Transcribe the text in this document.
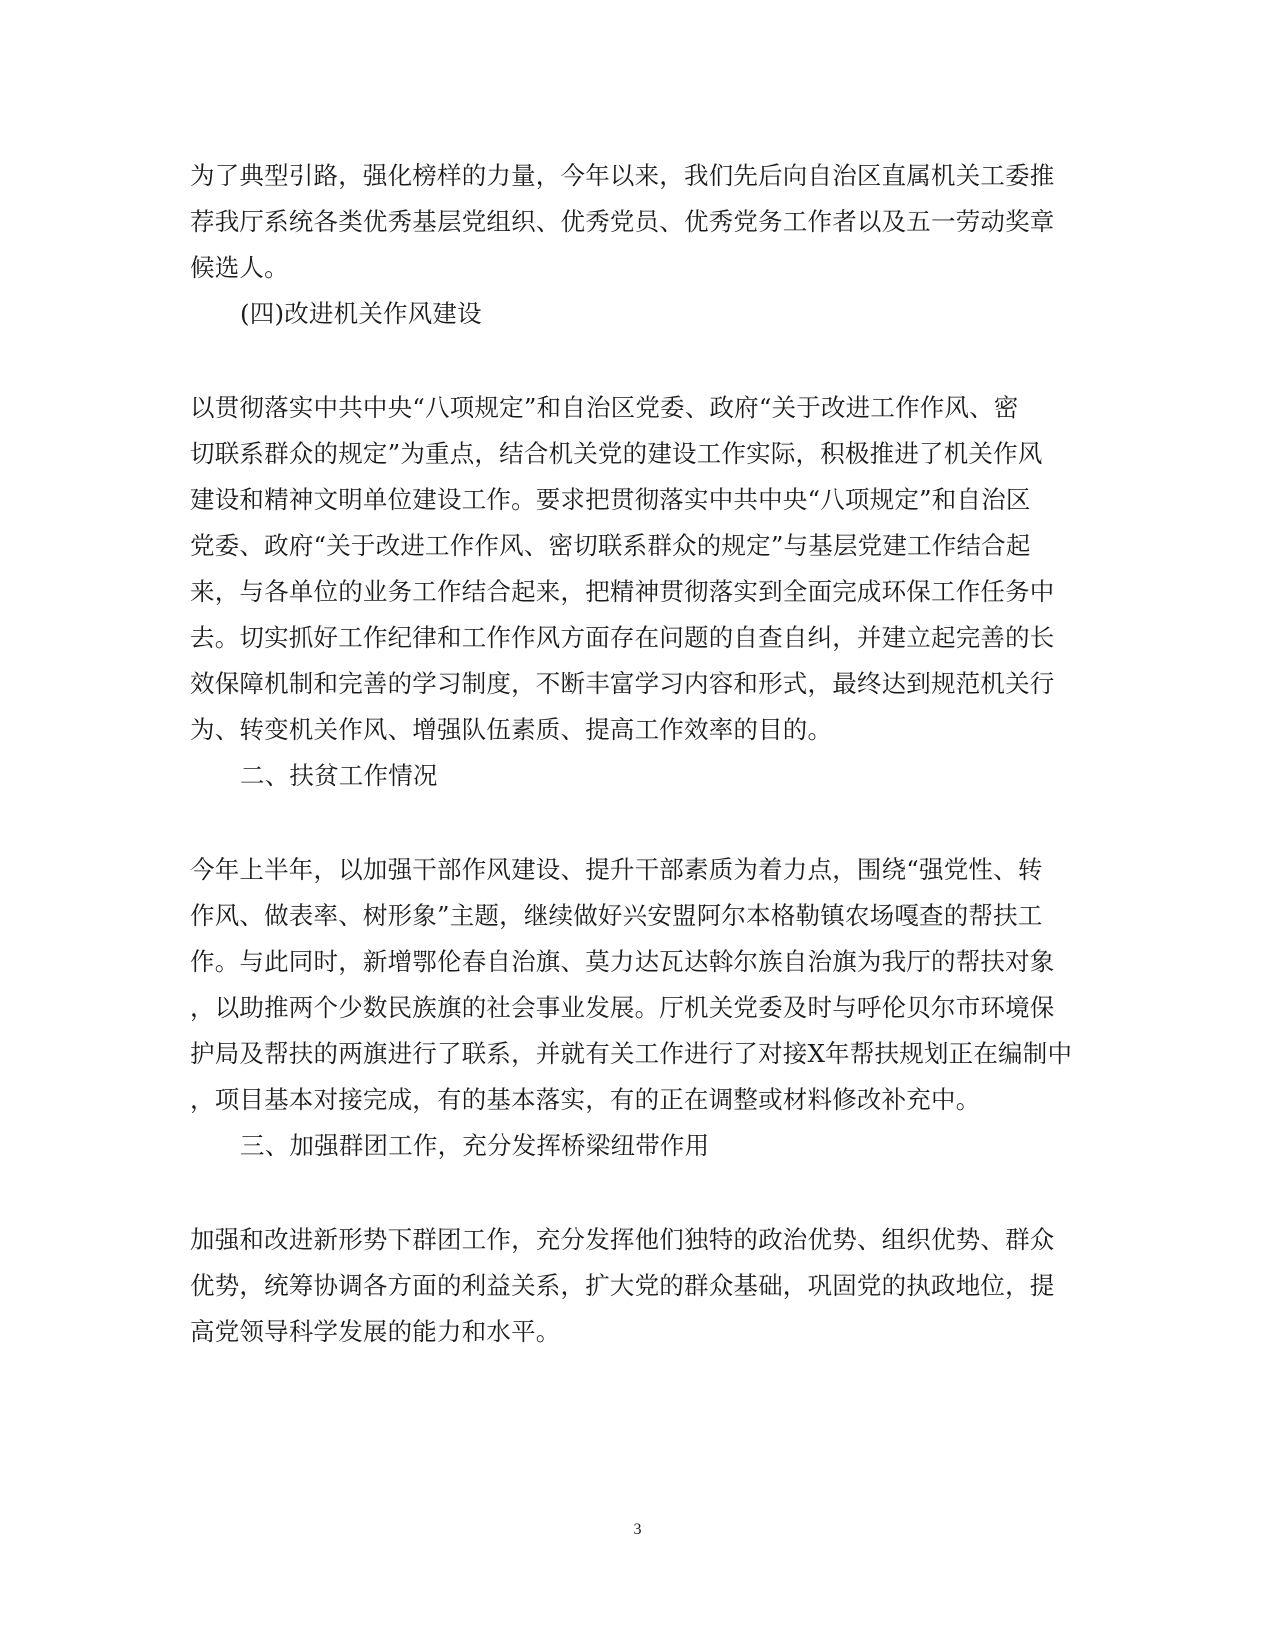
为了典型引路，强化榜样的力量，今年以来，我们先后向自治区直属机关工委推
荐我厅系统各类优秀基层党组织、优秀党员、优秀党务工作者以及五一劳动奖章
候选人。
(四)改进机关作风建设
以贯彻落实中共中央“八项规定”和自治区党委、政府“关于改进工作作风、密
切联系群众的规定”为重点，结合机关党的建设工作实际，积极推进了机关作风
建设和精神文明单位建设工作。要求把贯彻落实中共中央“八项规定”和自治区
党委、政府“关于改进工作作风、密切联系群众的规定”与基层党建工作结合起
来，与各单位的业务工作结合起来，把精神贯彻落实到全面完成环保工作任务中
去。切实抓好工作纪律和工作作风方面存在问题的自查自纠，并建立起完善的长
效保障机制和完善的学习制度，不断丰富学习内容和形式，最终达到规范机关行
为、转变机关作风、增强队伍素质、提高工作效率的目的。
二、扶贫工作情况
今年上半年，以加强干部作风建设、提升干部素质为着力点，围绕“强党性、转
作风、做表率、树形象”主题，继续做好兴安盟阿尔本格勒镇农场嘎查的帮扶工
作。与此同时，新增鄂伦春自治旗、莫力达瓦达斡尔族自治旗为我厅的帮扶对象
，以助推两个少数民族旗的社会事业发展。厅机关党委及时与呼伦贝尔市环境保
护局及帮扶的两旗进行了联系，并就有关工作进行了对接X年帮扶规划正在编制中
，项目基本对接完成，有的基本落实，有的正在调整或材料修改补充中。
三、加强群团工作，充分发挥桥梁纽带作用
加强和改进新形势下群团工作，充分发挥他们独特的政治优势、组织优势、群众
优势，统筹协调各方面的利益关系，扩大党的群众基础，巩固党的执政地位，提
高党领导科学发展的能力和水平。
3
